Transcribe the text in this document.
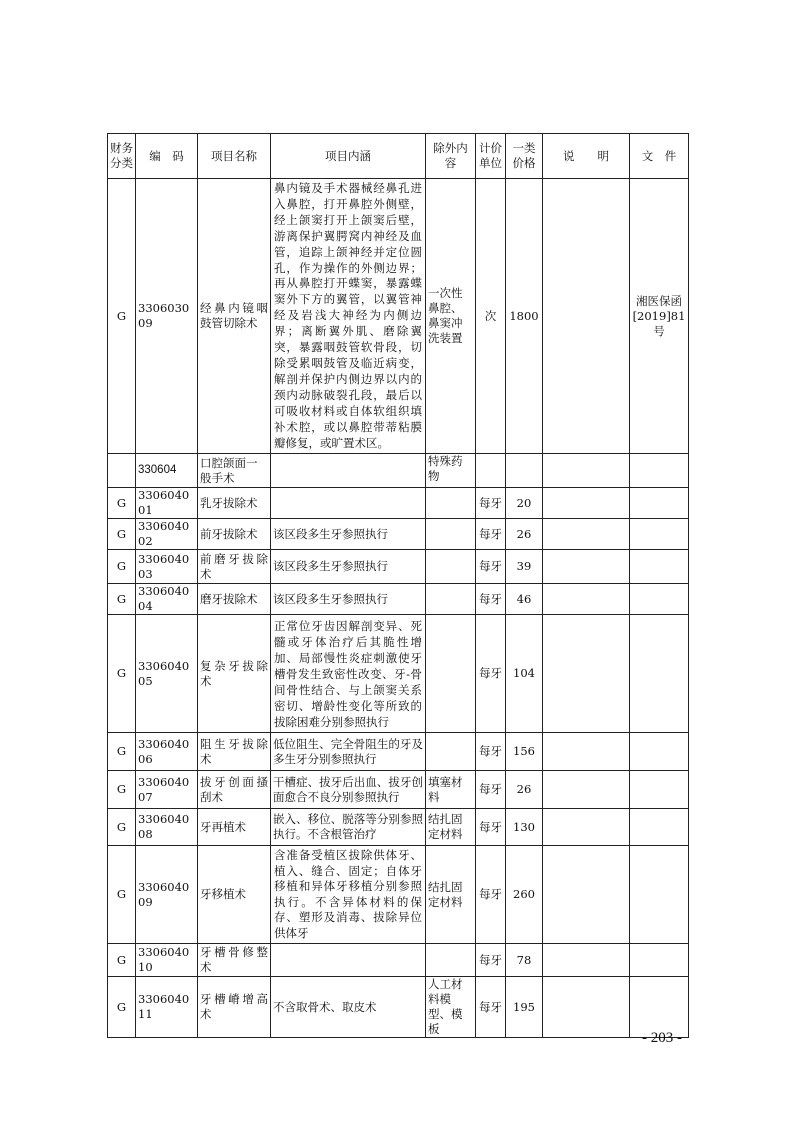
财务分类	编　码	项目名称	项目内涵	除外内容	计价单位	一类价格	说　　明	文　件
G	330603009	经鼻内镜咽鼓管切除术	鼻内镜及手术器械经鼻孔进入鼻腔，打开鼻腔外侧壁，经上颌窦打开上颌窦后壁，游离保护翼腭窝内神经及血管，追踪上颌神经并定位圆孔，作为操作的外侧边界；再从鼻腔打开蝶窦，暴露蝶窦外下方的翼管，以翼管神经及岩浅大神经为内侧边界；离断翼外肌、磨除翼突，暴露咽鼓管软骨段，切除受累咽鼓管及临近病变，解剖并保护内侧边界以内的颈内动脉破裂孔段，最后以可吸收材料或自体软组织填补术腔，或以鼻腔带蒂粘膜瓣修复，或旷置术区。	一次性鼻腔、鼻窦冲洗装置	次	1800		湘医保函[2019]81号
	330604	口腔颌面一般手术		特殊药物				
G	330604001	乳牙拔除术			每牙	20		
G	330604002	前牙拔除术	该区段多生牙参照执行		每牙	26		
G	330604003	前磨牙拔除术	该区段多生牙参照执行		每牙	39		
G	330604004	磨牙拔除术	该区段多生牙参照执行		每牙	46		
G	330604005	复杂牙拔除术	正常位牙齿因解剖变异、死髓或牙体治疗后其脆性增加、局部慢性炎症刺激使牙槽骨发生致密性改变、牙-骨间骨性结合、与上颌窦关系密切、增龄性变化等所致的拔除困难分别参照执行		每牙	104		
G	330604006	阻生牙拔除术	低位阻生、完全骨阻生的牙及多生牙分别参照执行		每牙	156		
G	330604007	拔牙创面搔刮术	干槽症、拔牙后出血、拔牙创面愈合不良分别参照执行	填塞材料	每牙	26		
G	330604008	牙再植术	嵌入、移位、脱落等分别参照执行。不含根管治疗	结扎固定材料	每牙	130		
G	330604009	牙移植术	含准备受植区拔除供体牙、植入、缝合、固定；自体牙移植和异体牙移植分别参照执行。不含异体材料的保存、塑形及消毒、拔除异位供体牙	结扎固定材料	每牙	260		
G	330604010	牙槽骨修整术			每牙	78		
G	330604011	牙槽嵴增高术	不含取骨术、取皮术	人工材料模型、模板	每牙	195		
- 203 -
